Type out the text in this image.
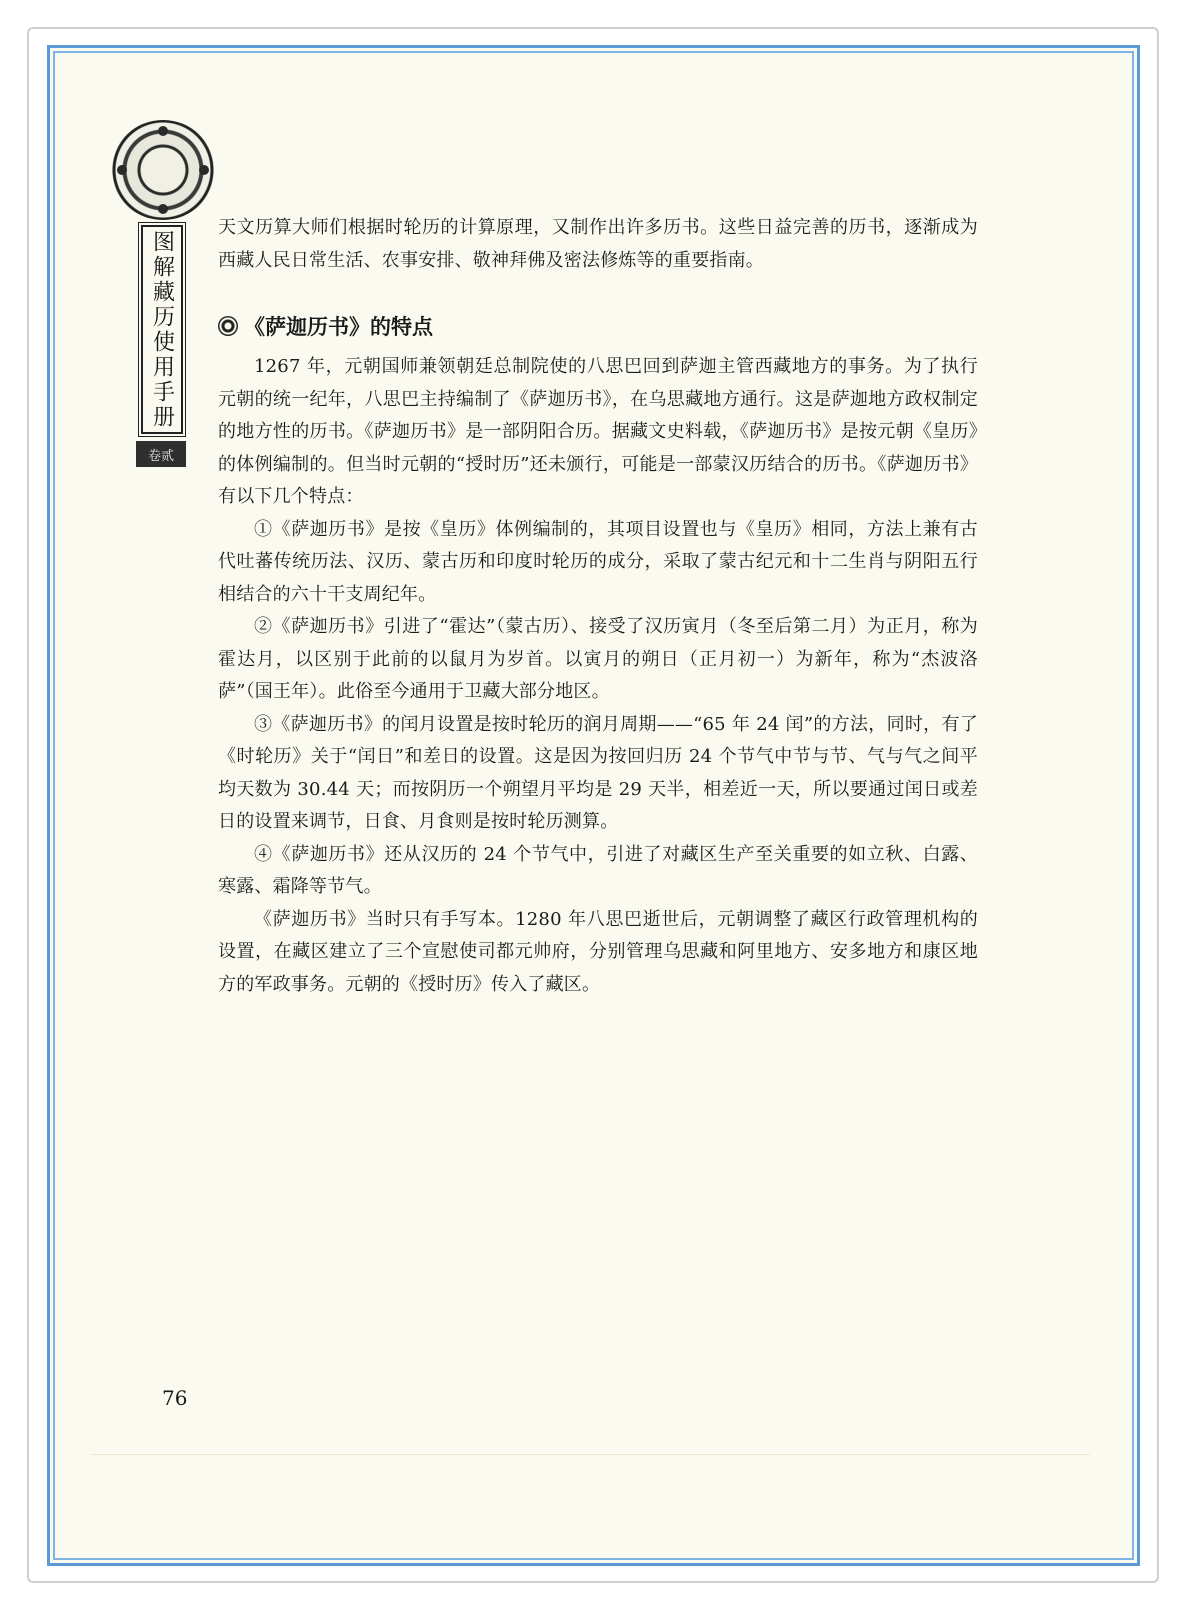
图解藏历使用手册
卷贰

天文历算大师们根据时轮历的计算原理，又制作出许多历书。这些日益完善的历书，逐渐成为西藏人民日常生活、农事安排、敬神拜佛及密法修炼等的重要指南。

《萨迦历书》的特点

1267 年，元朝国师兼领朝廷总制院使的八思巴回到萨迦主管西藏地方的事务。为了执行元朝的统一纪年，八思巴主持编制了《萨迦历书》，在乌思藏地方通行。这是萨迦地方政权制定的地方性的历书。《萨迦历书》是一部阴阳合历。据藏文史料载，《萨迦历书》是按元朝《皇历》的体例编制的。但当时元朝的“授时历”还未颁行，可能是一部蒙汉历结合的历书。《萨迦历书》有以下几个特点：

①《萨迦历书》是按《皇历》体例编制的，其项目设置也与《皇历》相同，方法上兼有古代吐蕃传统历法、汉历、蒙古历和印度时轮历的成分，采取了蒙古纪元和十二生肖与阴阳五行相结合的六十干支周纪年。

②《萨迦历书》引进了“霍达”（蒙古历）、接受了汉历寅月（冬至后第二月）为正月，称为霍达月，以区别于此前的以鼠月为岁首。以寅月的朔日（正月初一）为新年，称为“杰波洛萨”（国王年）。此俗至今通用于卫藏大部分地区。

③《萨迦历书》的闰月设置是按时轮历的润月周期——“65 年 24 闰”的方法，同时，有了《时轮历》关于“闰日”和差日的设置。这是因为按回归历 24 个节气中节与节、气与气之间平均天数为 30.44 天；而按阴历一个朔望月平均是 29 天半，相差近一天，所以要通过闰日或差日的设置来调节，日食、月食则是按时轮历测算。

④《萨迦历书》还从汉历的 24 个节气中，引进了对藏区生产至关重要的如立秋、白露、寒露、霜降等节气。

《萨迦历书》当时只有手写本。1280 年八思巴逝世后，元朝调整了藏区行政管理机构的设置，在藏区建立了三个宣慰使司都元帅府，分别管理乌思藏和阿里地方、安多地方和康区地方的军政事务。元朝的《授时历》传入了藏区。

76
